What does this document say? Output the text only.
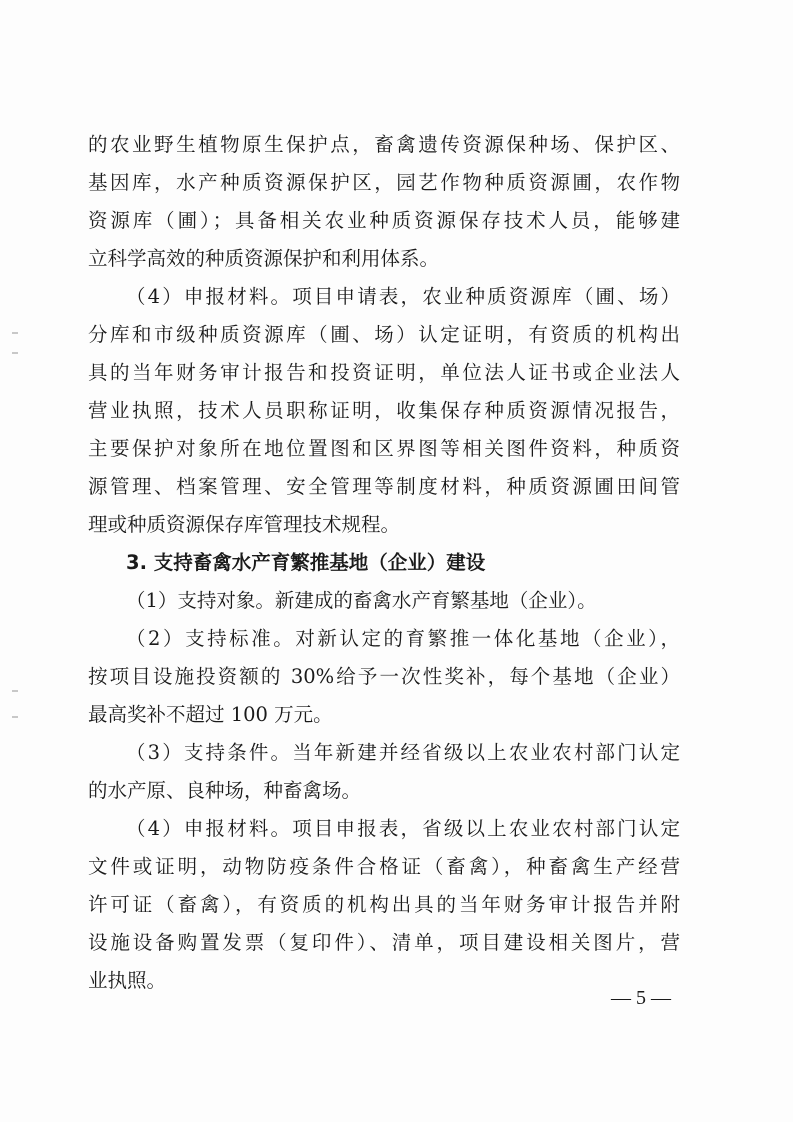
的农业野生植物原生保护点，畜禽遗传资源保种场、保护区、
基因库，水产种质资源保护区，园艺作物种质资源圃，农作物
资源库（圃）；具备相关农业种质资源保存技术人员，能够建
立科学高效的种质资源保护和利用体系。
（4）申报材料。项目申请表，农业种质资源库（圃、场）
分库和市级种质资源库（圃、场）认定证明，有资质的机构出
具的当年财务审计报告和投资证明，单位法人证书或企业法人
营业执照，技术人员职称证明，收集保存种质资源情况报告，
主要保护对象所在地位置图和区界图等相关图件资料，种质资
源管理、档案管理、安全管理等制度材料，种质资源圃田间管
理或种质资源保存库管理技术规程。
3. 支持畜禽水产育繁推基地（企业）建设
（1）支持对象。新建成的畜禽水产育繁基地（企业）。
（2）支持标准。对新认定的育繁推一体化基地（企业），
按项目设施投资额的 30%给予一次性奖补，每个基地（企业）
最高奖补不超过 100 万元。
（3）支持条件。当年新建并经省级以上农业农村部门认定
的水产原、良种场，种畜禽场。
（4）申报材料。项目申报表，省级以上农业农村部门认定
文件或证明，动物防疫条件合格证（畜禽），种畜禽生产经营
许可证（畜禽），有资质的机构出具的当年财务审计报告并附
设施设备购置发票（复印件）、清单，项目建设相关图片，营
业执照。
— 5 —
